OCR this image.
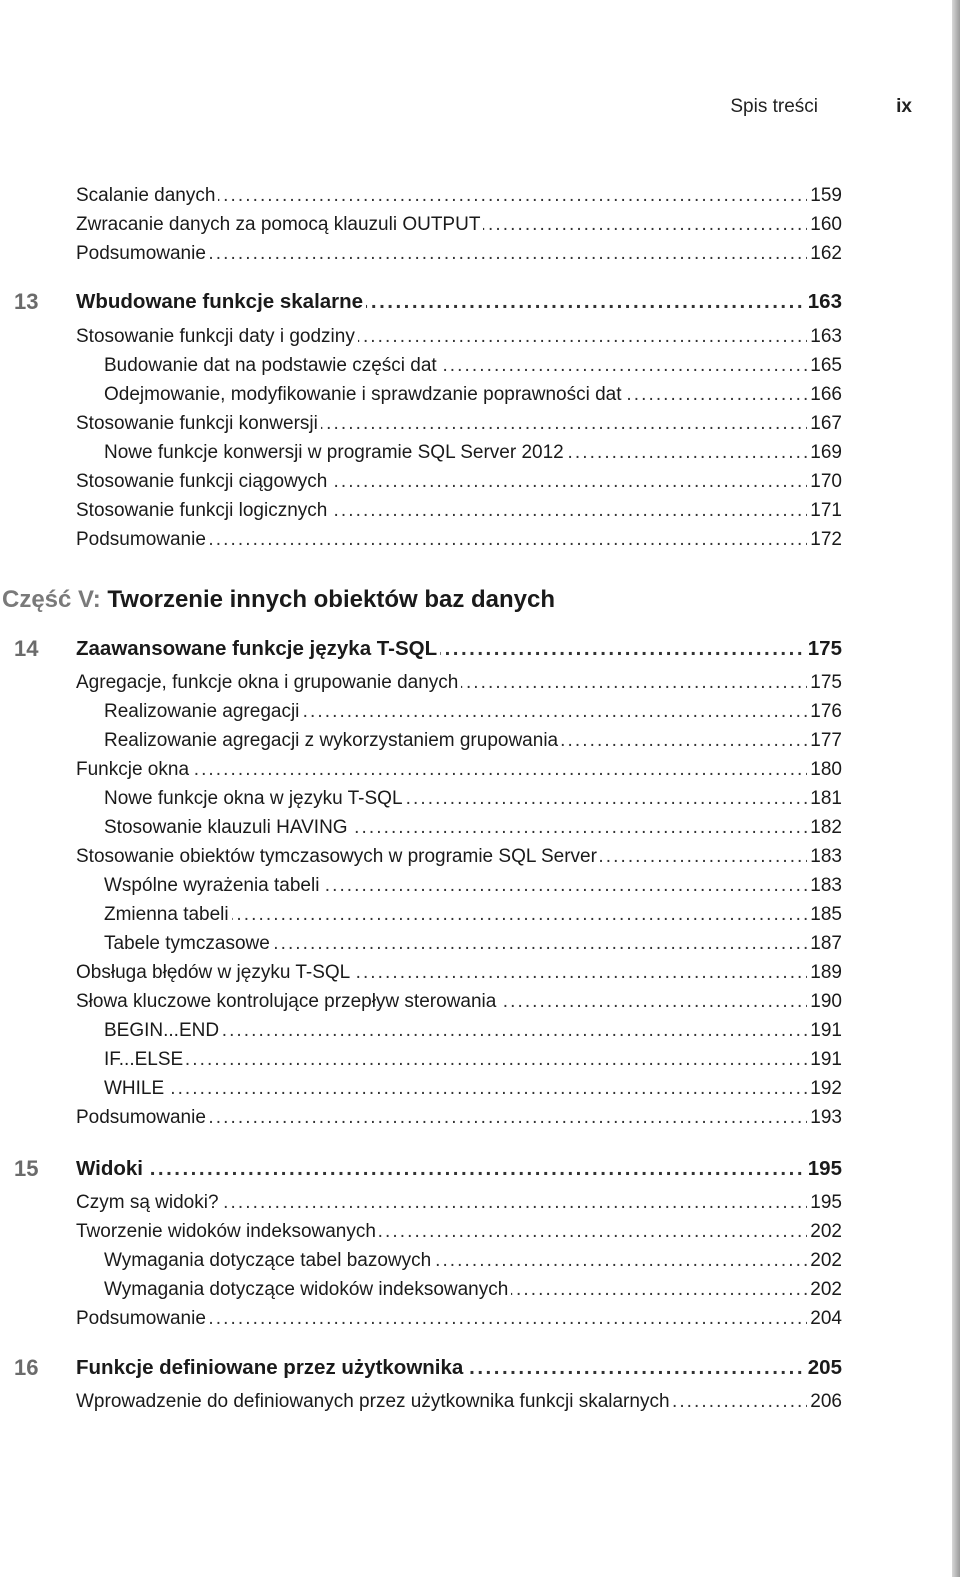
Spis treści	ix
Część V: Tworzenie innych obiektów baz danych
. . .
Scalanie danych	159
. . .
Zwracanie danych za pomocą klauzuli OUTPUT	160
. . .
Podsumowanie	162
13 . . . Wbudowane funkcje skalarne	163
. . .
Stosowanie funkcji daty i godziny	163
. . .
Budowanie dat na podstawie części dat	165
. . .
Odejmowanie, modyfikowanie i sprawdzanie poprawności dat	166
. . .
Stosowanie funkcji konwersji	167
. . .
Nowe funkcje konwersji w programie SQL Server 2012	169
. . .
Stosowanie funkcji ciągowych	170
. . .
Stosowanie funkcji logicznych	171
. . .
Podsumowanie	172
14 . . . Zaawansowane funkcje języka T-SQL	175
. . .
Agregacje, funkcje okna i grupowanie danych	175
. . .
Realizowanie agregacji	176
. . .
Realizowanie agregacji z wykorzystaniem grupowania	177
. . .
Funkcje okna	180
. . .
Nowe funkcje okna w języku T-SQL	181
. . .
Stosowanie klauzuli HAVING	182
. . .
Stosowanie obiektów tymczasowych w programie SQL Server	183
. . .
Wspólne wyrażenia tabeli	183
. . .
Zmienna tabeli	185
. . .
Tabele tymczasowe	187
. . .
Obsługa błędów w języku T-SQL	189
. . .
Słowa kluczowe kontrolujące przepływ sterowania	190
. . .
BEGIN...END	191
. . .
IF...ELSE	191
. . .
WHILE	192
. . .
Podsumowanie	193
15 . . . Widoki	195
. . .
Czym są widoki?	195
. . .
Tworzenie widoków indeksowanych	202
. . .
Wymagania dotyczące tabel bazowych	202
. . .
Wymagania dotyczące widoków indeksowanych	202
. . .
Podsumowanie	204
16 . . . Funkcje definiowane przez użytkownika	205
. . .
Wprowadzenie do definiowanych przez użytkownika funkcji skalarnych	206
